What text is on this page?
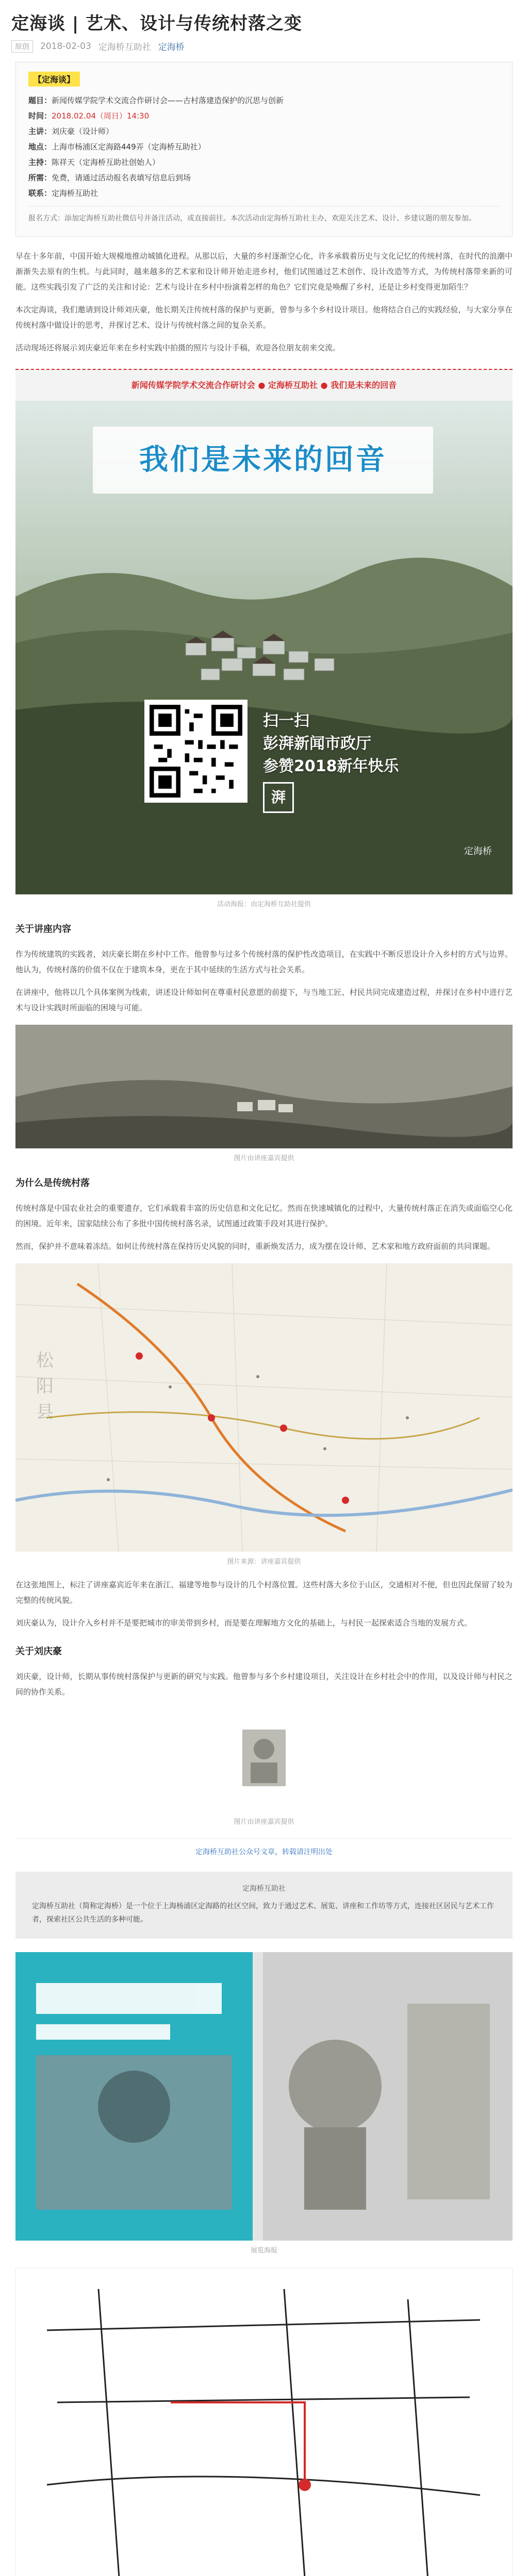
定海谈 | 艺术、设计与传统村落之变
原创	2018-02-03 定海桥互助社 定海桥
【定海谈】
题目：新闻传媒学院学术交流合作研讨会——古村落建造保护的沉思与创新
时间：2018.02.04（周日）14:30
主讲：刘庆豪（设计师）
地点：上海市杨浦区定海路449弄（定海桥互助社）
主持：陈祥天（定海桥互助社创始人）
所需：免费，请通过活动报名表填写信息后到场
联系：定海桥互助社
报名方式：添加定海桥互助社微信号并备注活动，或直接前往。本次活动由定海桥互助社主办，欢迎关注艺术、设计、乡建议题的朋友参加。

早在十多年前，中国开始大规模地推动城镇化进程。从那以后，大量的乡村逐渐空心化，许多承载着历史与文化记忆的传统村落，在时代的浪潮中渐渐失去原有的生机。与此同时，越来越多的艺术家和设计师开始走进乡村，他们试图通过艺术创作、设计改造等方式，为传统村落带来新的可能。这些实践引发了广泛的关注和讨论：艺术与设计在乡村中扮演着怎样的角色？它们究竟是唤醒了乡村，还是让乡村变得更加陌生？

本次定海谈，我们邀请到设计师刘庆豪，他长期关注传统村落的保护与更新，曾参与多个乡村设计项目。他将结合自己的实践经验，与大家分享在传统村落中做设计的思考，并探讨艺术、设计与传统村落之间的复杂关系。

活动现场还将展示刘庆豪近年来在乡村实践中拍摄的照片与设计手稿，欢迎各位朋友前来交流。

新闻传媒学院学术交流合作研讨会 ● 定海桥互助社 ● 我们是未来的回音
我们是未来的回音
扫一扫
彭湃新闻市政厅
参赞2018新年快乐
湃
定海桥
活动海报：由定海桥互助社提供
关于讲座内容

作为传统建筑的实践者，刘庆豪长期在乡村中工作。他曾参与过多个传统村落的保护性改造项目，在实践中不断反思设计介入乡村的方式与边界。他认为，传统村落的价值不仅在于建筑本身，更在于其中延续的生活方式与社会关系。

在讲座中，他将以几个具体案例为线索，讲述设计师如何在尊重村民意愿的前提下，与当地工匠、村民共同完成建造过程，并探讨在乡村中进行艺术与设计实践时所面临的困境与可能。

图片由讲座嘉宾提供
为什么是传统村落

传统村落是中国农业社会的重要遗存，它们承载着丰富的历史信息和文化记忆。然而在快速城镇化的过程中，大量传统村落正在消失或面临空心化的困境。近年来，国家陆续公布了多批中国传统村落名录，试图通过政策手段对其进行保护。

然而，保护并不意味着冻结。如何让传统村落在保持历史风貌的同时，重新焕发活力，成为摆在设计师、艺术家和地方政府面前的共同课题。

松
阳
县
图片来源：讲座嘉宾提供

在这张地图上，标注了讲座嘉宾近年来在浙江、福建等地参与设计的几个村落位置。这些村落大多位于山区，交通相对不便，但也因此保留了较为完整的传统风貌。

刘庆豪认为，设计介入乡村并不是要把城市的审美带到乡村，而是要在理解地方文化的基础上，与村民一起探索适合当地的发展方式。

关于刘庆豪

刘庆豪，设计师，长期从事传统村落保护与更新的研究与实践。他曾参与多个乡村建设项目，关注设计在乡村社会中的作用，以及设计师与村民之间的协作关系。

图片由讲座嘉宾提供
定海桥互助社公众号文章，转载请注明出处
定海桥互助社
定海桥互助社（简称定海桥）是一个位于上海杨浦区定海路的社区空间，致力于通过艺术、展览、讲座和工作坊等方式，连接社区居民与艺术工作者，探索社区公共生活的多种可能。
展览海报
